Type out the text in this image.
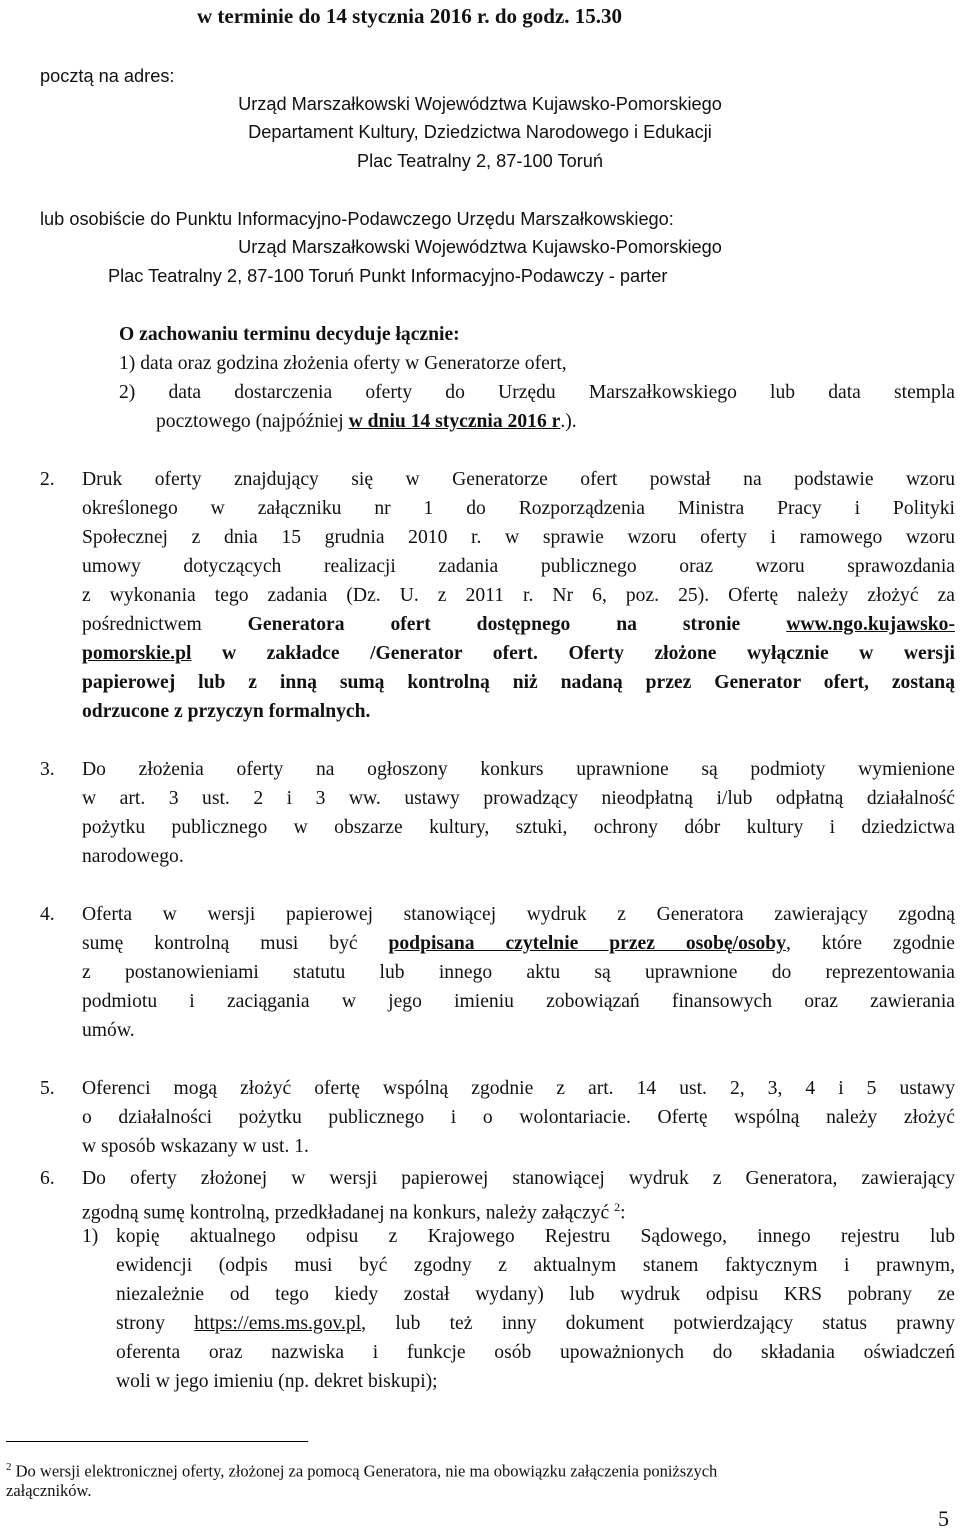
w terminie do 14 stycznia 2016 r. do godz. 15.30
pocztą na adres:
Urząd Marszałkowski Województwa Kujawsko-Pomorskiego
Departament Kultury, Dziedzictwa Narodowego i Edukacji
Plac Teatralny 2, 87-100 Toruń
lub osobiście do Punktu Informacyjno-Podawczego Urzędu Marszałkowskiego:
Urząd Marszałkowski Województwa Kujawsko-Pomorskiego
Plac Teatralny 2, 87-100 Toruń Punkt Informacyjno-Podawczy - parter
O zachowaniu terminu decyduje łącznie:
1) data oraz godzina złożenia oferty w Generatorze ofert,
2) data dostarczenia oferty do Urzędu Marszałkowskiego lub data stempla
pocztowego (najpóźniej w dniu 14 stycznia 2016 r.).
2. Druk oferty znajdujący się w Generatorze ofert powstał na podstawie wzoru
określonego w załączniku nr 1 do Rozporządzenia Ministra Pracy i Polityki
Społecznej z dnia 15 grudnia 2010 r. w sprawie wzoru oferty i ramowego wzoru
umowy dotyczących realizacji zadania publicznego oraz wzoru sprawozdania
z wykonania tego zadania (Dz. U. z 2011 r. Nr 6, poz. 25). Ofertę należy złożyć za
pośrednictwem Generatora ofert dostępnego na stronie www.ngo.kujawsko-
pomorskie.pl w zakładce /Generator ofert. Oferty złożone wyłącznie w wersji
papierowej lub z inną sumą kontrolną niż nadaną przez Generator ofert, zostaną
odrzucone z przyczyn formalnych.
3. Do złożenia oferty na ogłoszony konkurs uprawnione są podmioty wymienione
w art. 3 ust. 2 i 3 ww. ustawy prowadzący nieodpłatną i/lub odpłatną działalność
pożytku publicznego w obszarze kultury, sztuki, ochrony dóbr kultury i dziedzictwa
narodowego.
4. Oferta w wersji papierowej stanowiącej wydruk z Generatora zawierający zgodną
sumę kontrolną musi być podpisana czytelnie przez osobę/osoby, które zgodnie
z postanowieniami statutu lub innego aktu są uprawnione do reprezentowania
podmiotu i zaciągania w jego imieniu zobowiązań finansowych oraz zawierania
umów.
5. Oferenci mogą złożyć ofertę wspólną zgodnie z art. 14 ust. 2, 3, 4 i 5 ustawy
o działalności pożytku publicznego i o wolontariacie. Ofertę wspólną należy złożyć
w sposób wskazany w ust. 1.
6. Do oferty złożonej w wersji papierowej stanowiącej wydruk z Generatora, zawierający
zgodną sumę kontrolną, przedkładanej na konkurs, należy załączyć $^2$:
1) kopię aktualnego odpisu z Krajowego Rejestru Sądowego, innego rejestru lub
ewidencji (odpis musi być zgodny z aktualnym stanem faktycznym i prawnym,
niezależnie od tego kiedy został wydany) lub wydruk odpisu KRS pobrany ze
strony https://ems.ms.gov.pl, lub też inny dokument potwierdzający status prawny
oferenta oraz nazwiska i funkcje osób upoważnionych do składania oświadczeń
woli w jego imieniu (np. dekret biskupi);
$^2$ Do wersji elektronicznej oferty, złożonej za pomocą Generatora, nie ma obowiązku załączenia poniższych
załączników.
5
